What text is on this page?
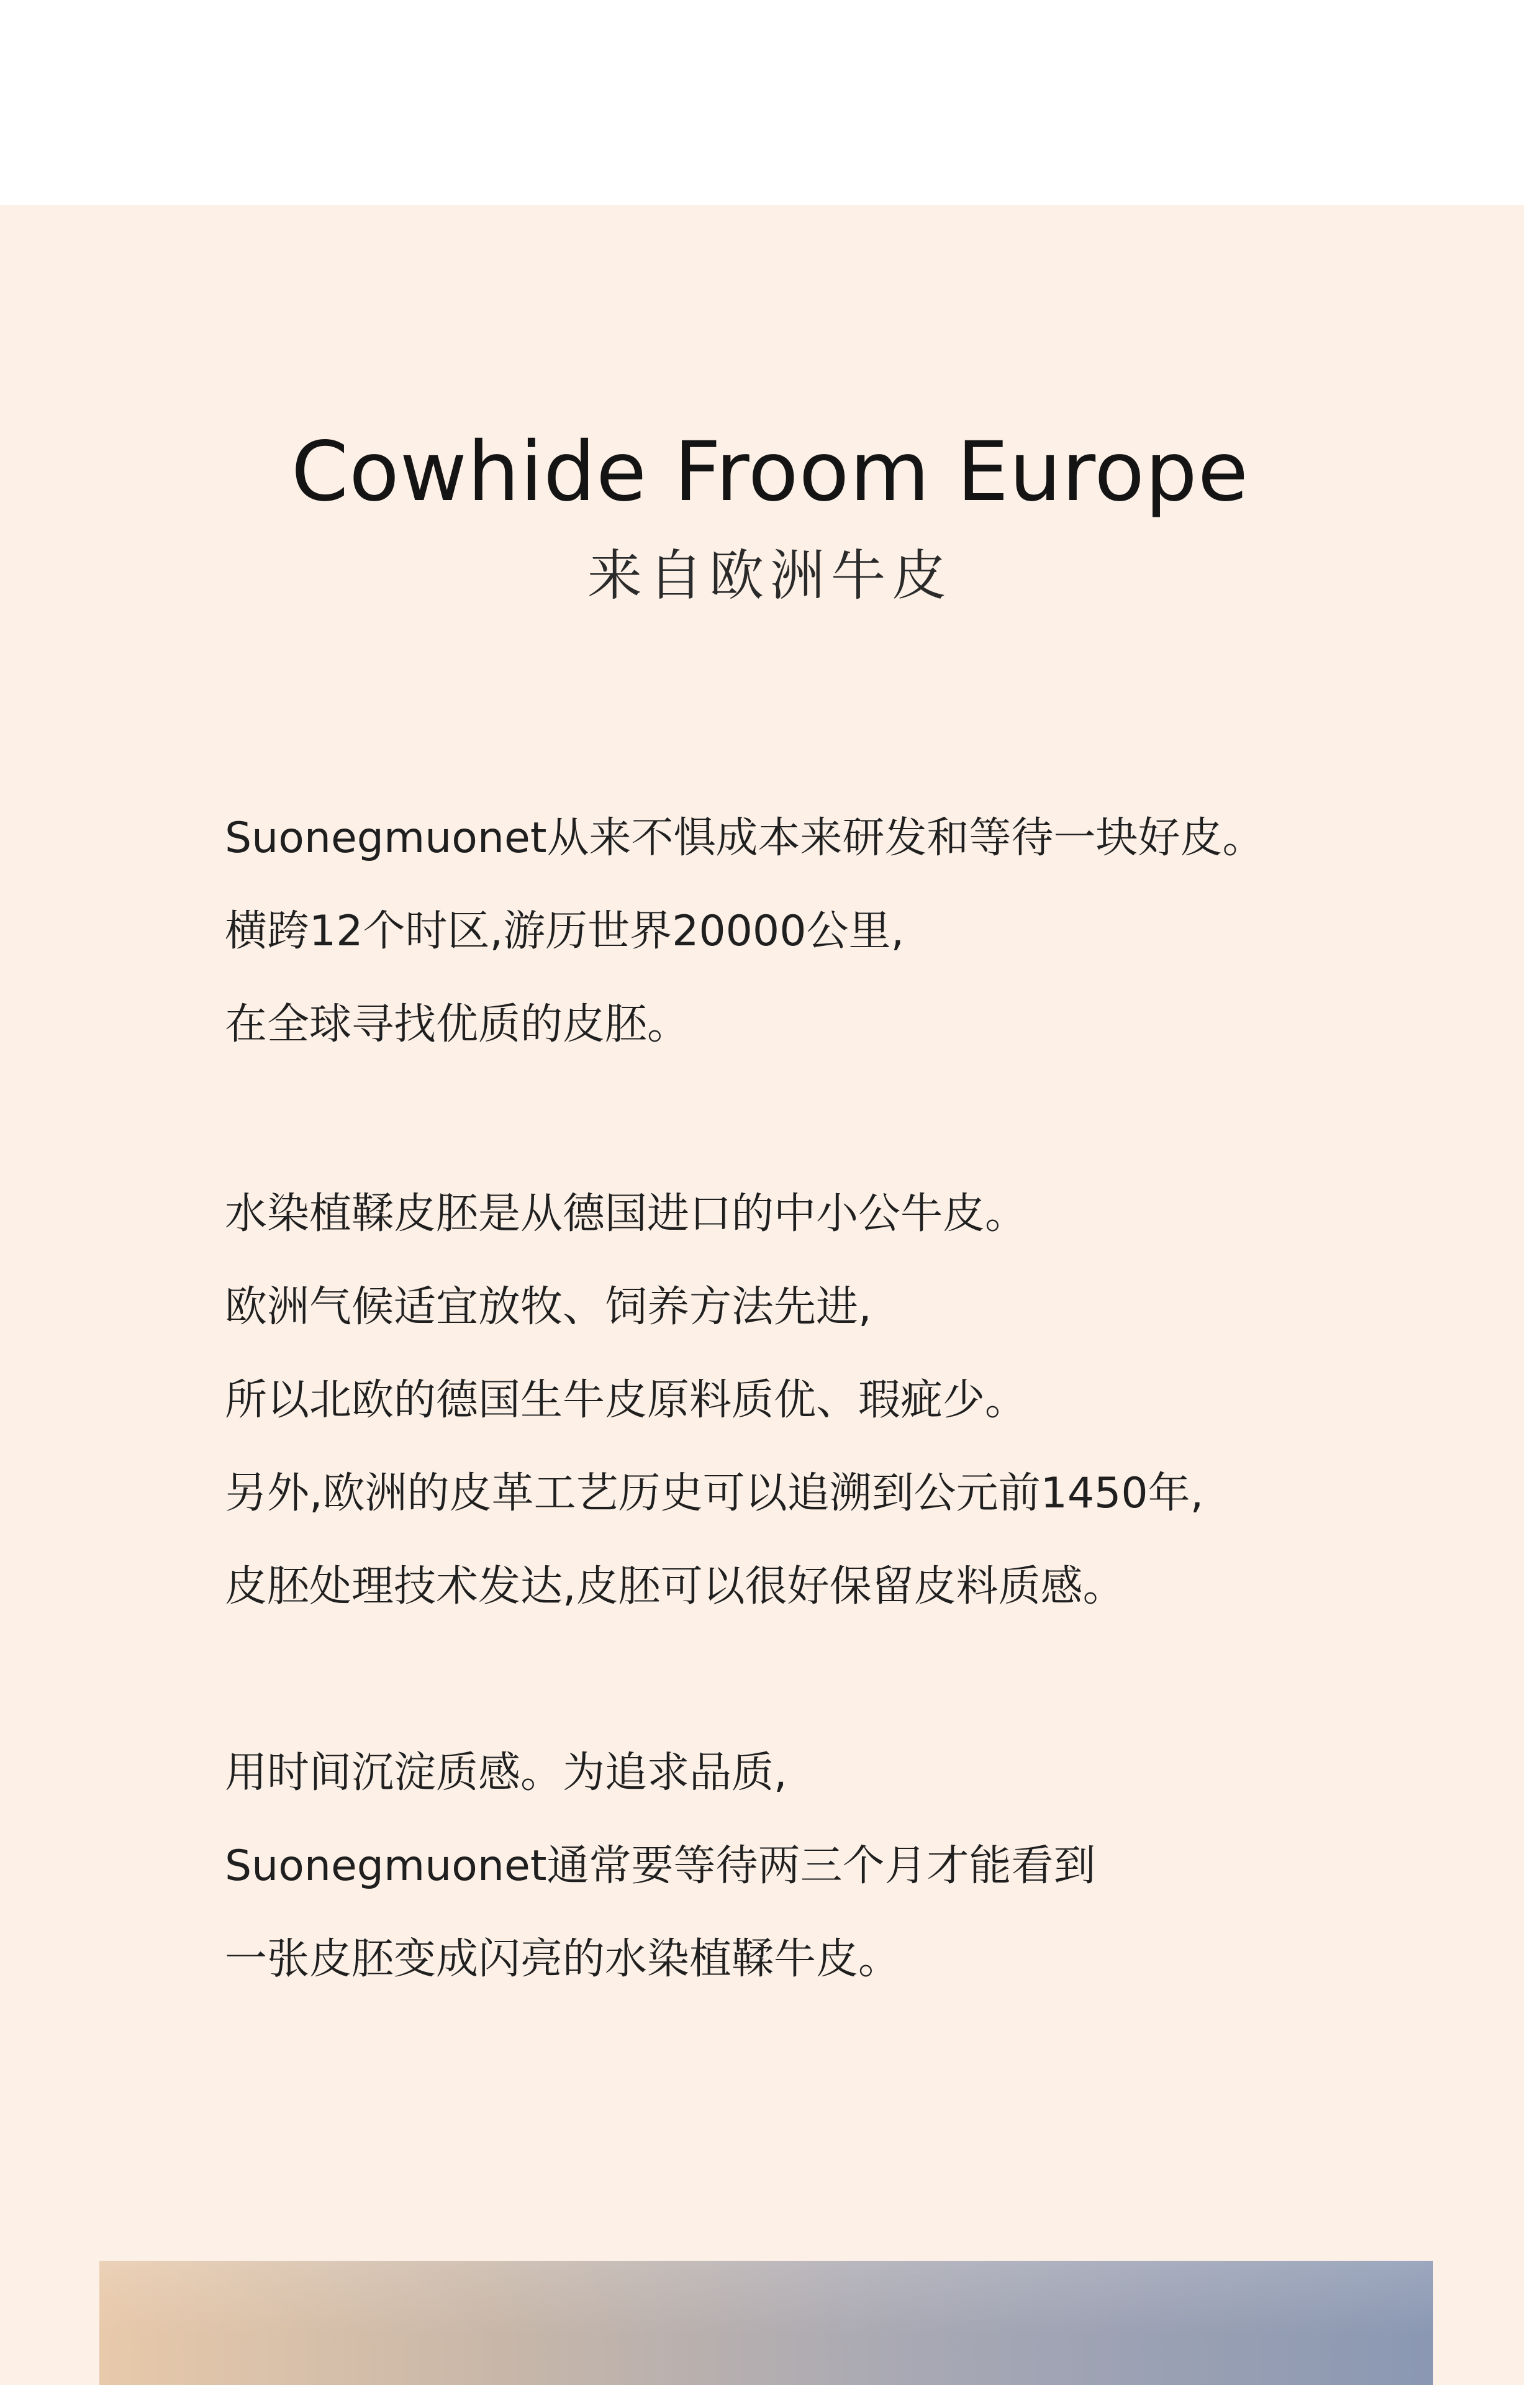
Cowhide Froom Europe
来自欧洲牛皮
Suonegmuonet从来不惧成本来研发和等待一块好皮。
横跨12个时区,游历世界20000公里,
在全球寻找优质的皮胚。
水染植鞣皮胚是从德国进口的中小公牛皮。
欧洲气候适宜放牧、饲养方法先进,
所以北欧的德国生牛皮原料质优、瑕疵少。
另外,欧洲的皮革工艺历史可以追溯到公元前1450年,
皮胚处理技术发达,皮胚可以很好保留皮料质感。
用时间沉淀质感。为追求品质,
Suonegmuonet通常要等待两三个月才能看到
一张皮胚变成闪亮的水染植鞣牛皮。
